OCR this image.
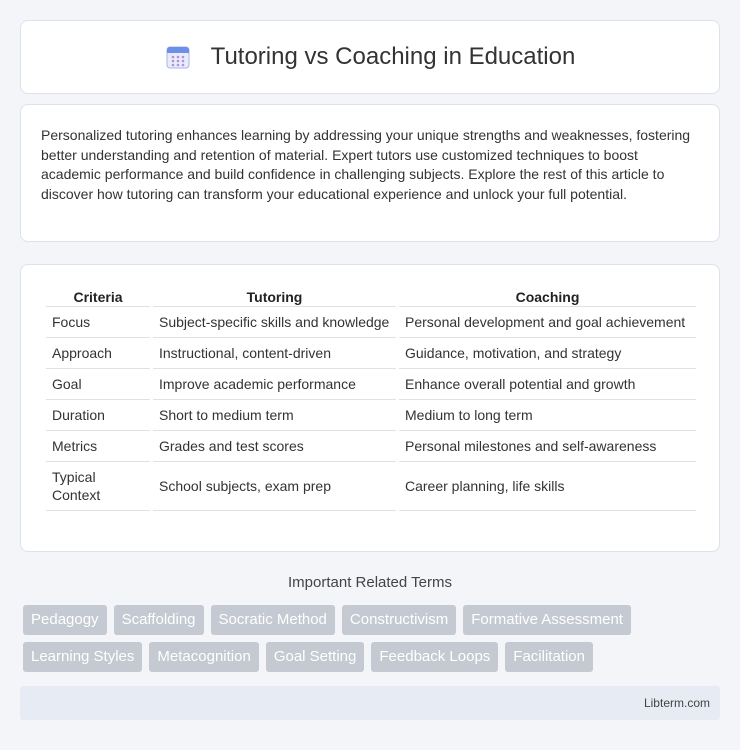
Tutoring vs Coaching in Education

Personalized tutoring enhances learning by addressing your unique strengths and weaknesses, fostering better understanding and retention of material. Expert tutors use customized techniques to boost academic performance and build confidence in challenging subjects. Explore the rest of this article to discover how tutoring can transform your educational experience and unlock your full potential.

Criteria	Tutoring	Coaching
Focus	Subject-specific skills and knowledge	Personal development and goal achievement
Approach	Instructional, content-driven	Guidance, motivation, and strategy
Goal	Improve academic performance	Enhance overall potential and growth
Duration	Short to medium term	Medium to long term
Metrics	Grades and test scores	Personal milestones and self-awareness
Typical Context	School subjects, exam prep	Career planning, life skills
Important Related Terms
Pedagogy	Scaffolding	Socratic Method	Constructivism	Formative Assessment
Learning Styles	Metacognition	Goal Setting	Feedback Loops	Facilitation
Libterm.com
